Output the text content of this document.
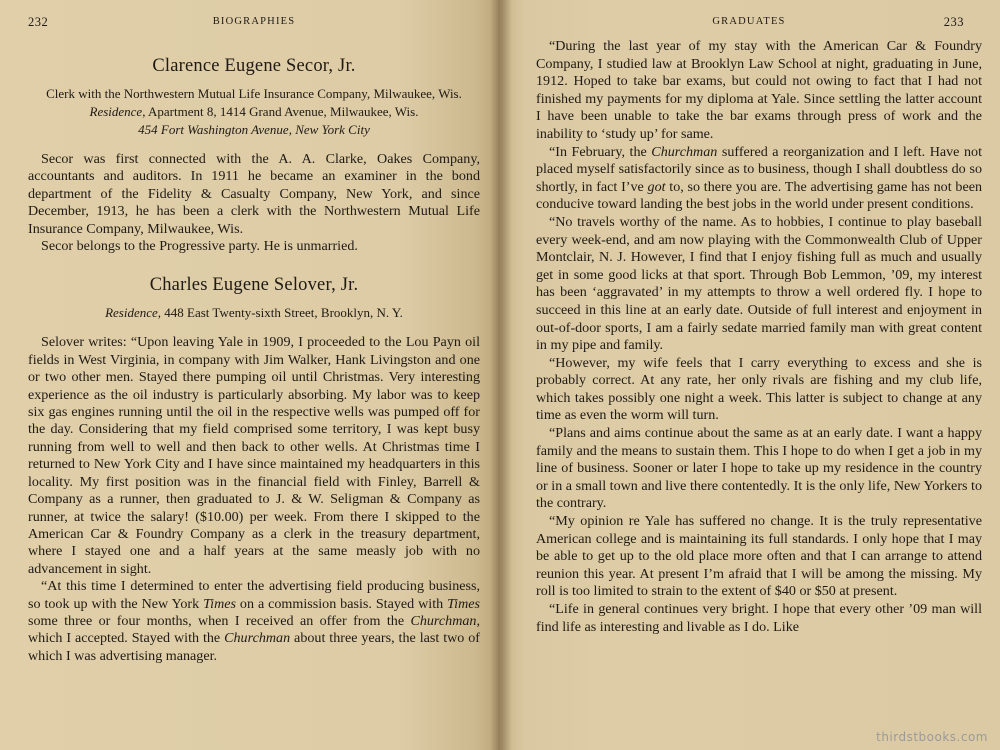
232	BIOGRAPHIES
Clarence Eugene Secor, Jr.
Clerk with the Northwestern Mutual Life Insurance Company, Milwaukee, Wis.
Residence, Apartment 8, 1414 Grand Avenue, Milwaukee, Wis.
454 Fort Washington Avenue, New York City

Secor was first connected with the A. A. Clarke, Oakes Company, accountants and auditors. In 1911 he became an examiner in the bond department of the Fidelity & Casualty Company, New York, and since December, 1913, he has been a clerk with the Northwestern Mutual Life Insurance Company, Milwaukee, Wis.

Secor belongs to the Progressive party. He is unmarried.

Charles Eugene Selover, Jr.
Residence, 448 East Twenty-sixth Street, Brooklyn, N. Y.

Selover writes: “Upon leaving Yale in 1909, I proceeded to the Lou Payn oil fields in West Virginia, in company with Jim Walker, Hank Livingston and one or two other men. Stayed there pumping oil until Christmas. Very interesting experience as the oil industry is particularly absorbing. My labor was to keep six gas engines running until the oil in the respective wells was pumped off for the day. Considering that my field comprised some territory, I was kept busy running from well to well and then back to other wells. At Christmas time I returned to New York City and I have since maintained my headquarters in this locality. My first position was in the financial field with Finley, Barrell & Company as a runner, then graduated to J. & W. Seligman & Company as runner, at twice the salary! ($10.00) per week. From there I skipped to the American Car & Foundry Company as a clerk in the treasury department, where I stayed one and a half years at the same measly job with no advancement in sight.

“At this time I determined to enter the advertising field producing business, so took up with the New York Times on a commission basis. Stayed with Times some three or four months, when I received an offer from the Churchman, which I accepted. Stayed with the Churchman about three years, the last two of which I was advertising manager.

GRADUATES	233

“During the last year of my stay with the American Car & Foundry Company, I studied law at Brooklyn Law School at night, graduating in June, 1912. Hoped to take bar exams, but could not owing to fact that I had not finished my payments for my diploma at Yale. Since settling the latter account I have been unable to take the bar exams through press of work and the inability to ‘study up’ for same.

“In February, the Churchman suffered a reorganization and I left. Have not placed myself satisfactorily since as to business, though I shall doubtless do so shortly, in fact I’ve got to, so there you are. The advertising game has not been conducive toward landing the best jobs in the world under present conditions.

“No travels worthy of the name. As to hobbies, I continue to play baseball every week-end, and am now playing with the Commonwealth Club of Upper Montclair, N. J. However, I find that I enjoy fishing full as much and usually get in some good licks at that sport. Through Bob Lemmon, ’09, my interest has been ‘aggravated’ in my attempts to throw a well ordered fly. I hope to succeed in this line at an early date. Outside of full interest and enjoyment in out-of-door sports, I am a fairly sedate married family man with great content in my pipe and family.

“However, my wife feels that I carry everything to excess and she is probably correct. At any rate, her only rivals are fishing and my club life, which takes possibly one night a week. This latter is subject to change at any time as even the worm will turn.

“Plans and aims continue about the same as at an early date. I want a happy family and the means to sustain them. This I hope to do when I get a job in my line of business. Sooner or later I hope to take up my residence in the country or in a small town and live there contentedly. It is the only life, New Yorkers to the contrary.

“My opinion re Yale has suffered no change. It is the truly representative American college and is maintaining its full standards. I only hope that I may be able to get up to the old place more often and that I can arrange to attend reunion this year. At present I’m afraid that I will be among the missing. My roll is too limited to strain to the extent of $40 or $50 at present.

“Life in general continues very bright. I hope that every other ’09 man will find life as interesting and livable as I do. Like

thirdstbooks.com
